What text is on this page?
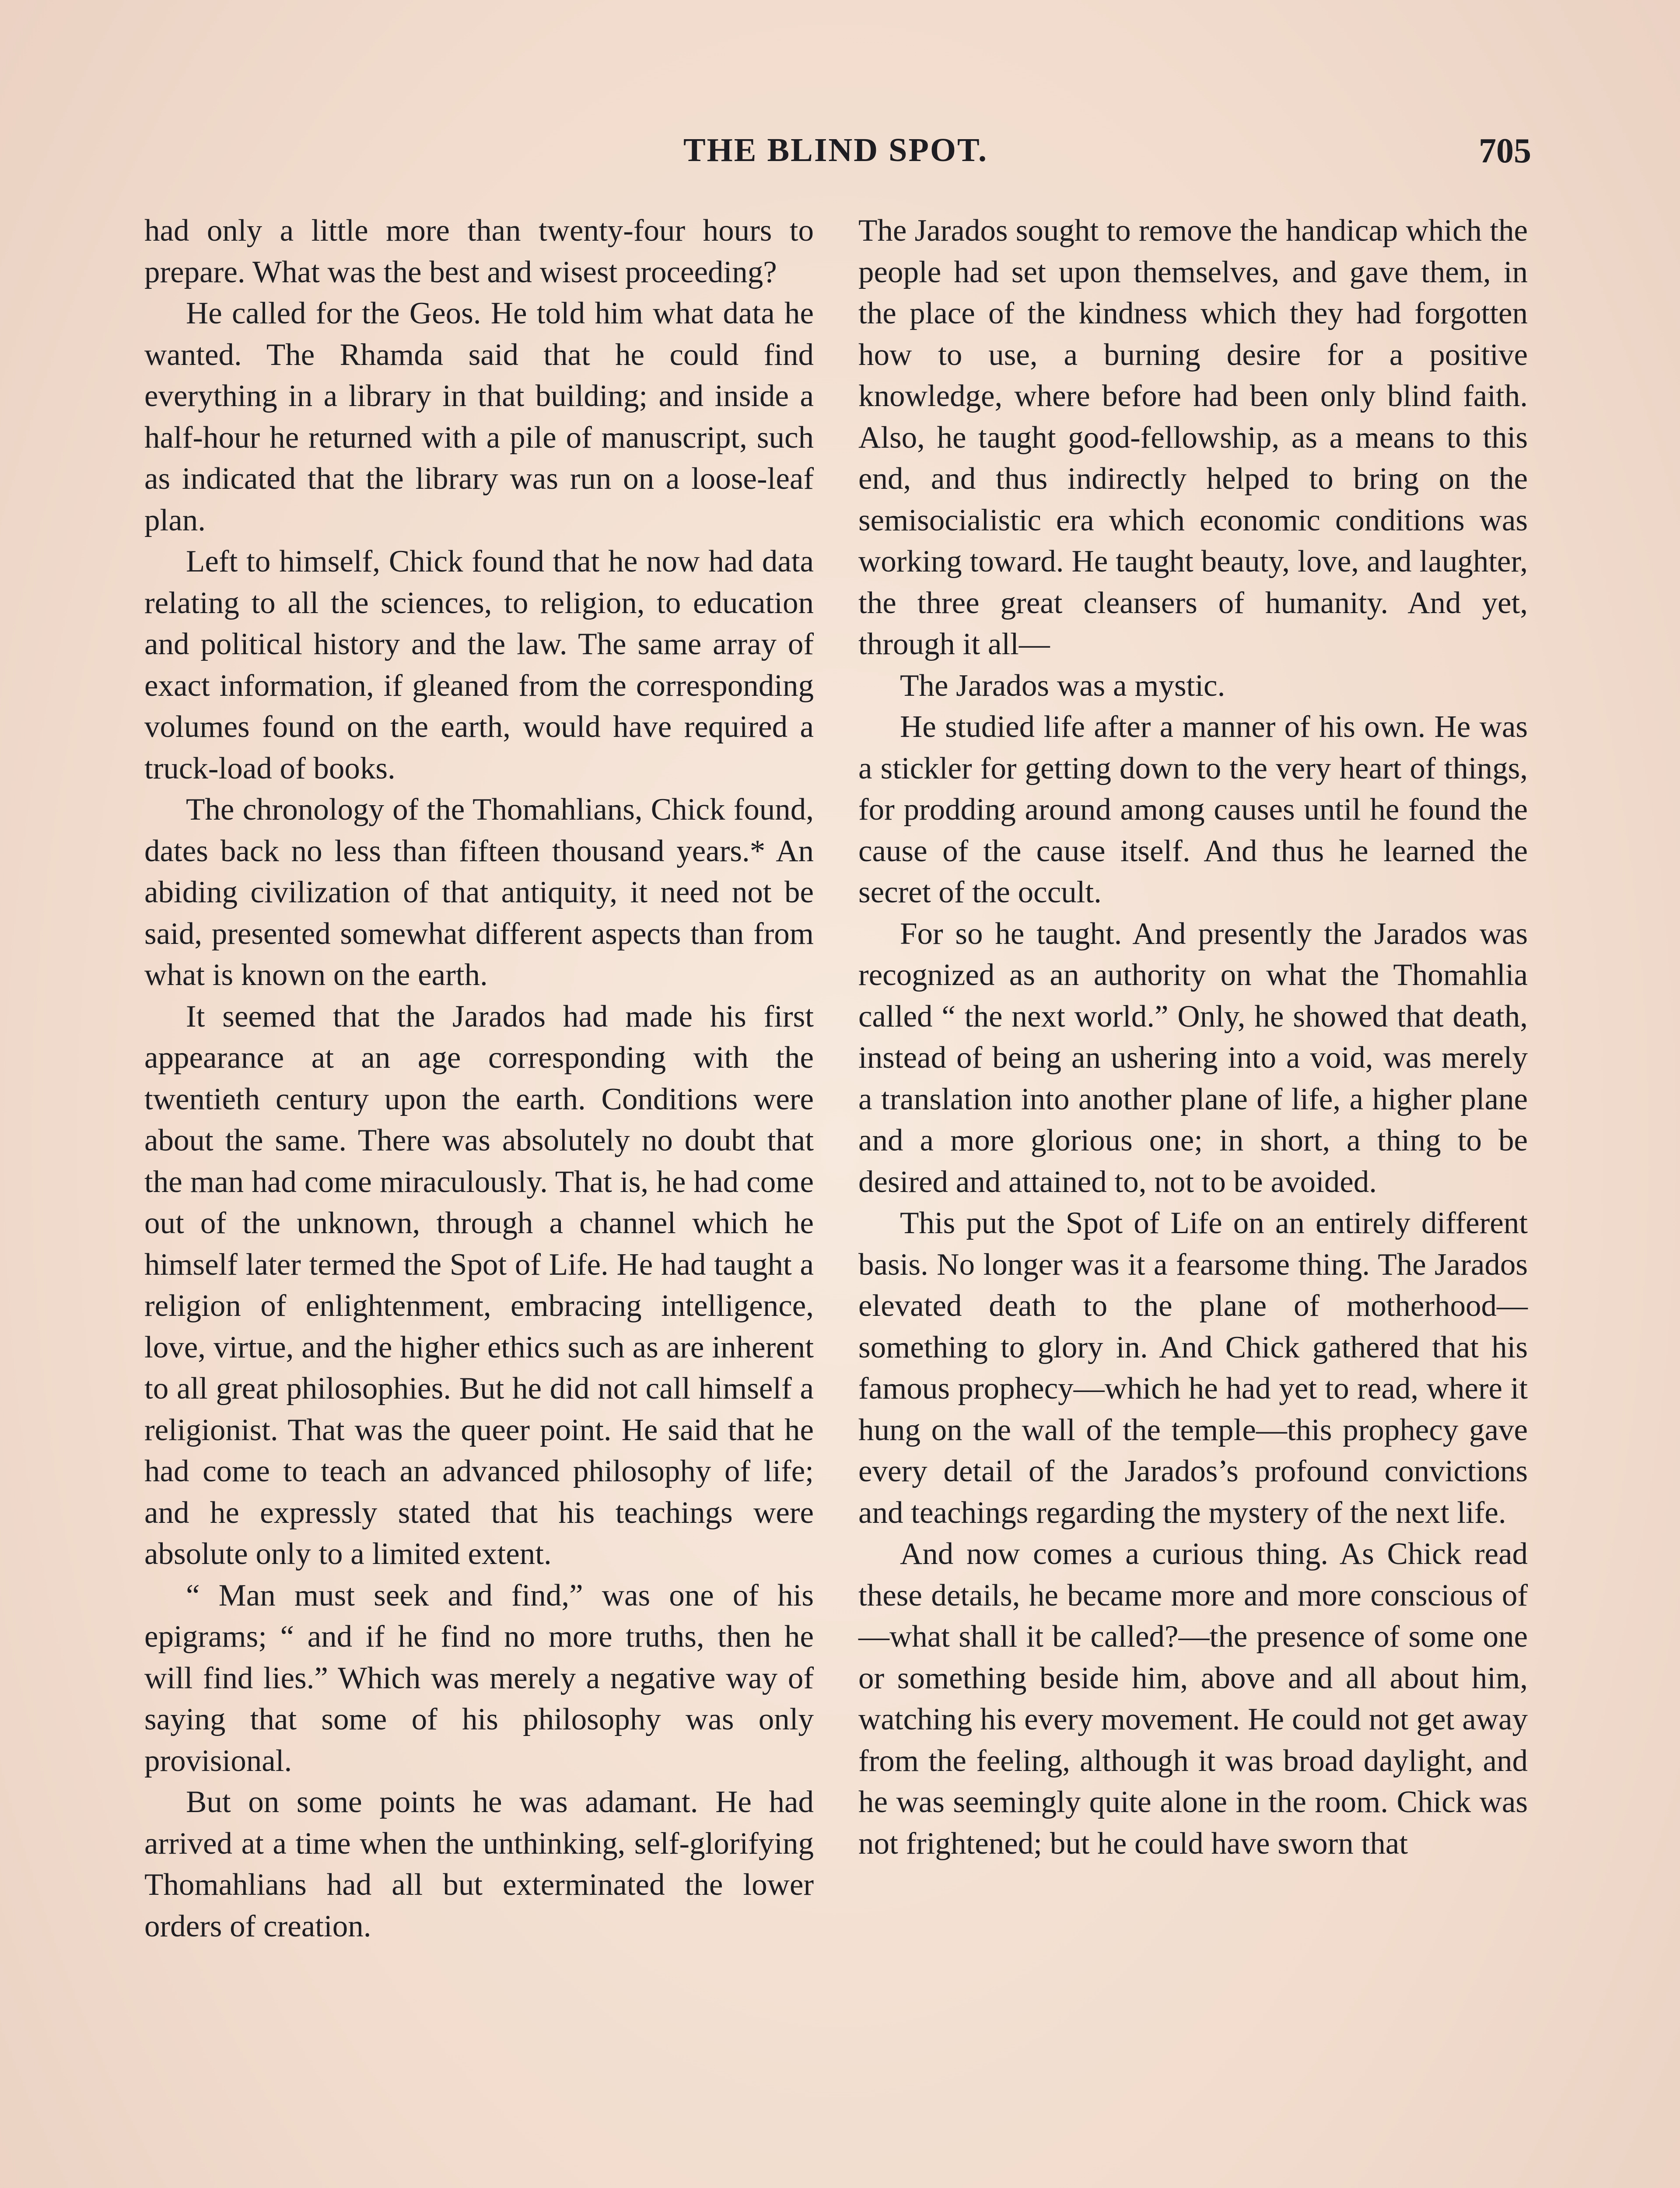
THE BLIND SPOT.	705

had only a little more than twenty-four hours to prepare. What was the best and wisest proceeding?

He called for the Geos. He told him what data he wanted. The Rhamda said that he could find everything in a library in that building; and inside a half-hour he returned with a pile of manuscript, such as indicated that the library was run on a loose-leaf plan.

Left to himself, Chick found that he now had data relating to all the sciences, to religion, to education and political history and the law. The same array of exact information, if gleaned from the corresponding volumes found on the earth, would have required a truck-load of books.

The chronology of the Thomahlians, Chick found, dates back no less than fifteen thousand years.* An abiding civilization of that antiquity, it need not be said, presented somewhat different aspects than from what is known on the earth.

It seemed that the Jarados had made his first appearance at an age corresponding with the twentieth century upon the earth. Conditions were about the same. There was absolutely no doubt that the man had come miraculously. That is, he had come out of the unknown, through a channel which he himself later termed the Spot of Life. He had taught a religion of enlightenment, embracing intelligence, love, virtue, and the higher ethics such as are inherent to all great philosophies. But he did not call himself a religionist. That was the queer point. He said that he had come to teach an advanced philosophy of life; and he expressly stated that his teachings were absolute only to a limited extent.

“ Man must seek and find,” was one of his epigrams; “ and if he find no more truths, then he will find lies.” Which was merely a negative way of saying that some of his philosophy was only provisional.

But on some points he was adamant. He had arrived at a time when the unthinking, self-glorifying Thomahlians had all but exterminated the lower orders of creation.

The Jarados sought to remove the handicap which the people had set upon themselves, and gave them, in the place of the kindness which they had forgotten how to use, a burning desire for a positive knowledge, where before had been only blind faith. Also, he taught good-fellowship, as a means to this end, and thus indirectly helped to bring on the semisocialistic era which economic conditions was working toward. He taught beauty, love, and laughter, the three great cleansers of humanity. And yet, through it all—

The Jarados was a mystic.

He studied life after a manner of his own. He was a stickler for getting down to the very heart of things, for prodding around among causes until he found the cause of the cause itself. And thus he learned the secret of the occult.

For so he taught. And presently the Jarados was recognized as an authority on what the Thomahlia called “ the next world.” Only, he showed that death, instead of being an ushering into a void, was merely a translation into another plane of life, a higher plane and a more glorious one; in short, a thing to be desired and attained to, not to be avoided.

This put the Spot of Life on an entirely different basis. No longer was it a fearsome thing. The Jarados elevated death to the plane of motherhood—something to glory in. And Chick gathered that his famous prophecy—which he had yet to read, where it hung on the wall of the temple—this prophecy gave every detail of the Jarados’s profound convictions and teachings regarding the mystery of the next life.

And now comes a curious thing. As Chick read these details, he became more and more conscious of—what shall it be called?—the presence of some one or something beside him, above and all about him, watching his every movement. He could not get away from the feeling, although it was broad daylight, and he was seemingly quite alone in the room. Chick was not frightened; but he could have sworn that
